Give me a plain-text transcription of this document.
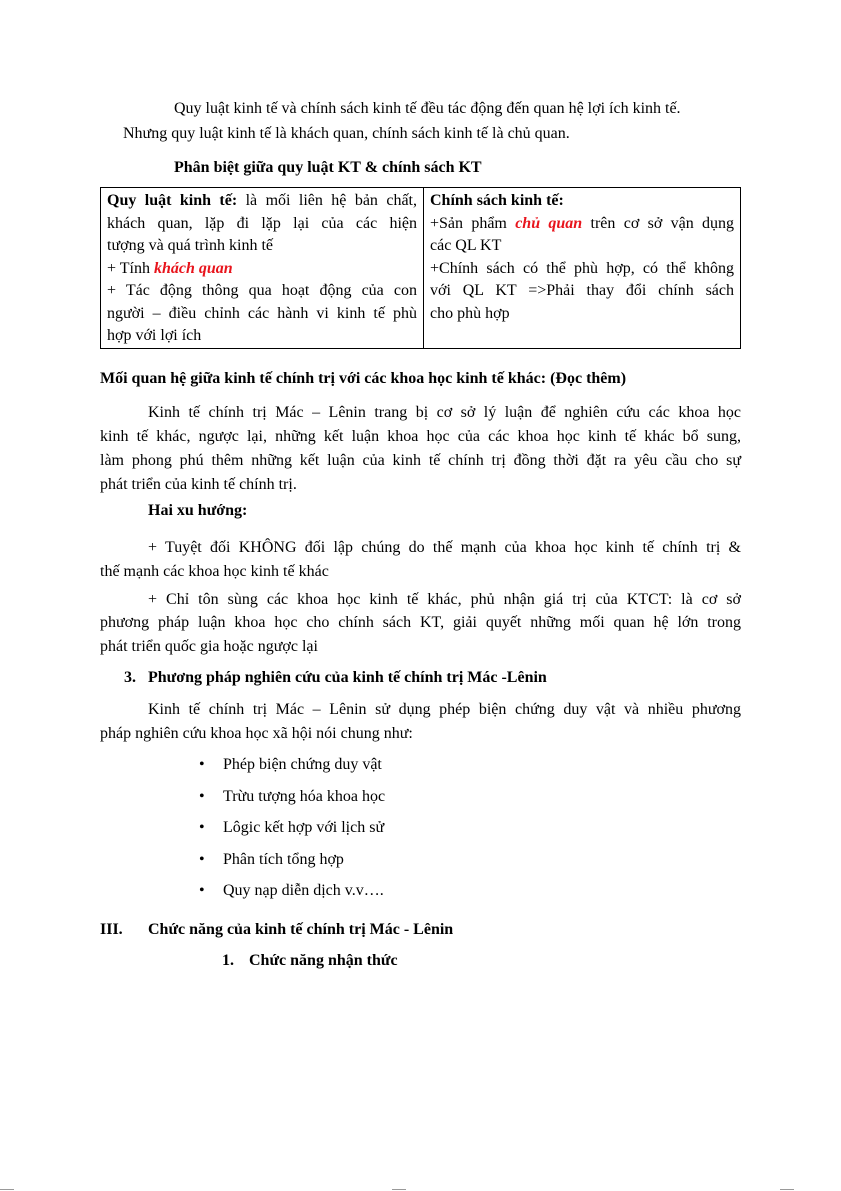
Quy luật kinh tế và chính sách kinh tế đều tác động đến quan hệ lợi ích kinh tế.

Nhưng quy luật kinh tế là khách quan, chính sách kinh tế là chủ quan.

Phân biệt giữa quy luật KT & chính sách KT

Quy luật kinh tế: là mối liên hệ bản chất,
khách quan, lặp đi lặp lại của các hiện
tượng và quá trình kinh tế
+ Tính khách quan
+ Tác động thông qua hoạt động của con
người – điều chỉnh các hành vi kinh tế phù
hợp với lợi ích

Chính sách kinh tế:
+Sản phẩm chủ quan trên cơ sở vận dụng
các QL KT
+Chính sách có thể phù hợp, có thể không
với QL KT =>Phải thay đổi chính sách
cho phù hợp

Mối quan hệ giữa kinh tế chính trị với các khoa học kinh tế khác: (Đọc thêm)

Kinh tế chính trị Mác – Lênin trang bị cơ sở lý luận để nghiên cứu các khoa học

kinh tế khác, ngược lại, những kết luận khoa học của các khoa học kinh tế khác bổ sung,

làm phong phú thêm những kết luận của kinh tế chính trị đồng thời đặt ra yêu cầu cho sự

phát triển của kinh tế chính trị.

Hai xu hướng:

+ Tuyệt đối KHÔNG đối lập chúng do thế mạnh của khoa học kinh tế chính trị &

thế mạnh các khoa học kinh tế khác

+ Chỉ tôn sùng các khoa học kinh tế khác, phủ nhận giá trị của KTCT: là cơ sở

phương pháp luận khoa học cho chính sách KT, giải quyết những mối quan hệ lớn trong

phát triển quốc gia hoặc ngược lại

3. Phương pháp nghiên cứu của kinh tế chính trị Mác -Lênin

Kinh tế chính trị Mác – Lênin sử dụng phép biện chứng duy vật và nhiều phương

pháp nghiên cứu khoa học xã hội nói chung như:

• Phép biện chứng duy vật
• Trừu tượng hóa khoa học
• Lôgic kết hợp với lịch sử
• Phân tích tổng hợp
• Quy nạp diễn dịch v.v….

III. Chức năng của kinh tế chính trị Mác - Lênin

1. Chức năng nhận thức
